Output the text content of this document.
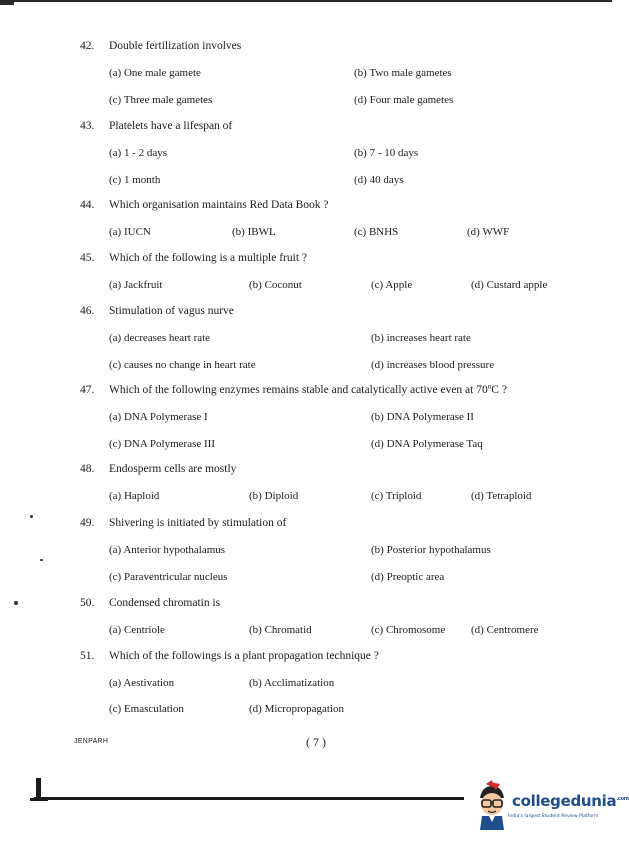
42. Double fertilization involves
(a) One male gamete	(b) Two male gametes
(c) Three male gametes	(d) Four male gametes
43. Platelets have a lifespan of
(a) 1 - 2 days	(b) 7 - 10 days
(c) 1 month	(d) 40 days
44. Which organisation maintains Red Data Book ?
(a) IUCN	(b) IBWL	(c) BNHS	(d) WWF
45. Which of the following is a multiple fruit ?
(a) Jackfruit	(b) Coconut	(c) Apple	(d) Custard apple
46. Stimulation of vagus nurve
(a) decreases heart rate	(b) increases heart rate
(c) causes no change in heart rate	(d) increases blood pressure
47. Which of the following enzymes remains stable and catalytically active even at 70ºC ?
(a) DNA Polymerase I	(b) DNA Polymerase II
(c) DNA Polymerase III	(d) DNA Polymerase Taq
48. Endosperm cells are mostly
(a) Haploid	(b) Diploid	(c) Triploid	(d) Tetraploid
49. Shivering is initiated by stimulation of
(a) Anterior hypothalamus	(b) Posterior hypothalamus
(c) Paraventricular nucleus	(d) Preoptic area
50. Condensed chromatin is
(a) Centriole	(b) Chromatid	(c) Chromosome (d) Centromere
51. Which of the followings is a plant propagation technique ?
(a) Aestivation	(b) Acclimatization
(c) Emasculation	(d) Micropropagation
JENPARH	( 7 )
collegedunia$^{.com}$
India's largest Student Review Platform
